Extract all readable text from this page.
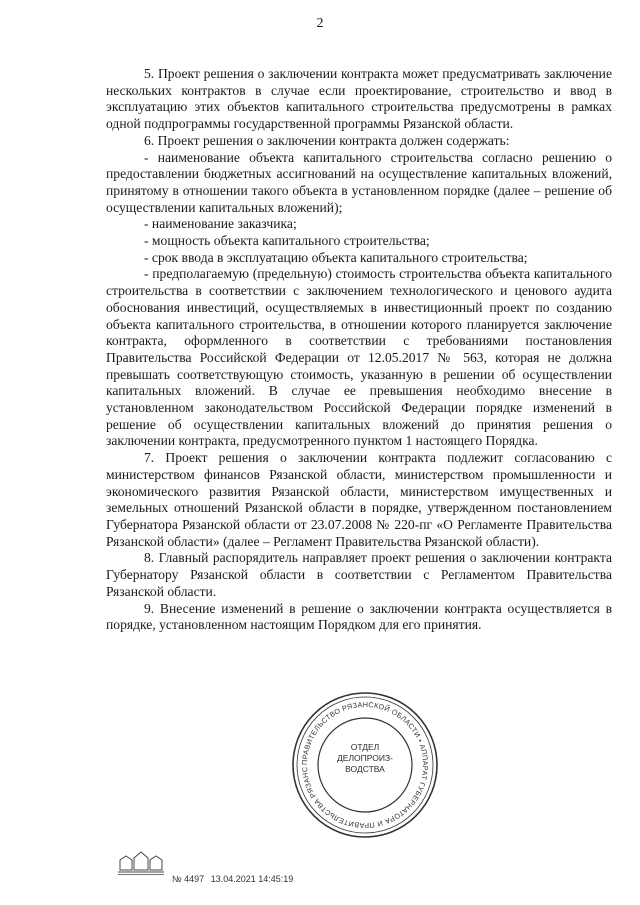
2

5. Проект решения о заключении контракта может предусматривать заключение нескольких контрактов в случае если проектирование, строительство и ввод в эксплуатацию этих объектов капитального строительства предусмотрены в рамках одной подпрограммы государственной программы Рязанской области.

6. Проект решения о заключении контракта должен содержать:

- наименование объекта капитального строительства согласно решению о предоставлении бюджетных ассигнований на осуществление капитальных вложений, принятому в отношении такого объекта в установленном порядке (далее – решение об осуществлении капитальных вложений);

- наименование заказчика;

- мощность объекта капитального строительства;

- срок ввода в эксплуатацию объекта капитального строительства;

- предполагаемую (предельную) стоимость строительства объекта капитального строительства в соответствии с заключением технологического и ценового аудита обоснования инвестиций, осуществляемых в инвестиционный проект по созданию объекта капитального строительства, в отношении которого планируется заключение контракта, оформленного в соответствии с требованиями постановления Правительства Российской Федерации от 12.05.2017 № 563, которая не должна превышать соответствующую стоимость, указанную в решении об осуществлении капитальных вложений. В случае ее превышения необходимо внесение в установленном законодательством Российской Федерации порядке изменений в решение об осуществлении капитальных вложений до принятия решения о заключении контракта, предусмотренного пунктом 1 настоящего Порядка.

7. Проект решения о заключении контракта подлежит согласованию с министерством финансов Рязанской области, министерством промышленности и экономического развития Рязанской области, министерством имущественных и земельных отношений Рязанской области в порядке, утвержденном постановлением Губернатора Рязанской области от 23.07.2008 № 220-пг «О Регламенте Правительства Рязанской области» (далее – Регламент Правительства Рязанской области).

8. Главный распорядитель направляет проект решения о заключении контракта Губернатору Рязанской области в соответствии с Регламентом Правительства Рязанской области.

9. Внесение изменений в решение о заключении контракта осуществляется в порядке, установленном настоящим Порядком для его принятия.

ПРАВИТЕЛЬСТВО РЯЗАНСКОЙ ОБЛАСТИ • АППАРАТ ГУБЕРНАТОРА И ПРАВИТЕЛЬСТВА РЯЗАНС
ОТДЕЛ
ДЕЛОПРОИЗ-
ВОДСТВА
№ 4497 13.04.2021 14:45:19
